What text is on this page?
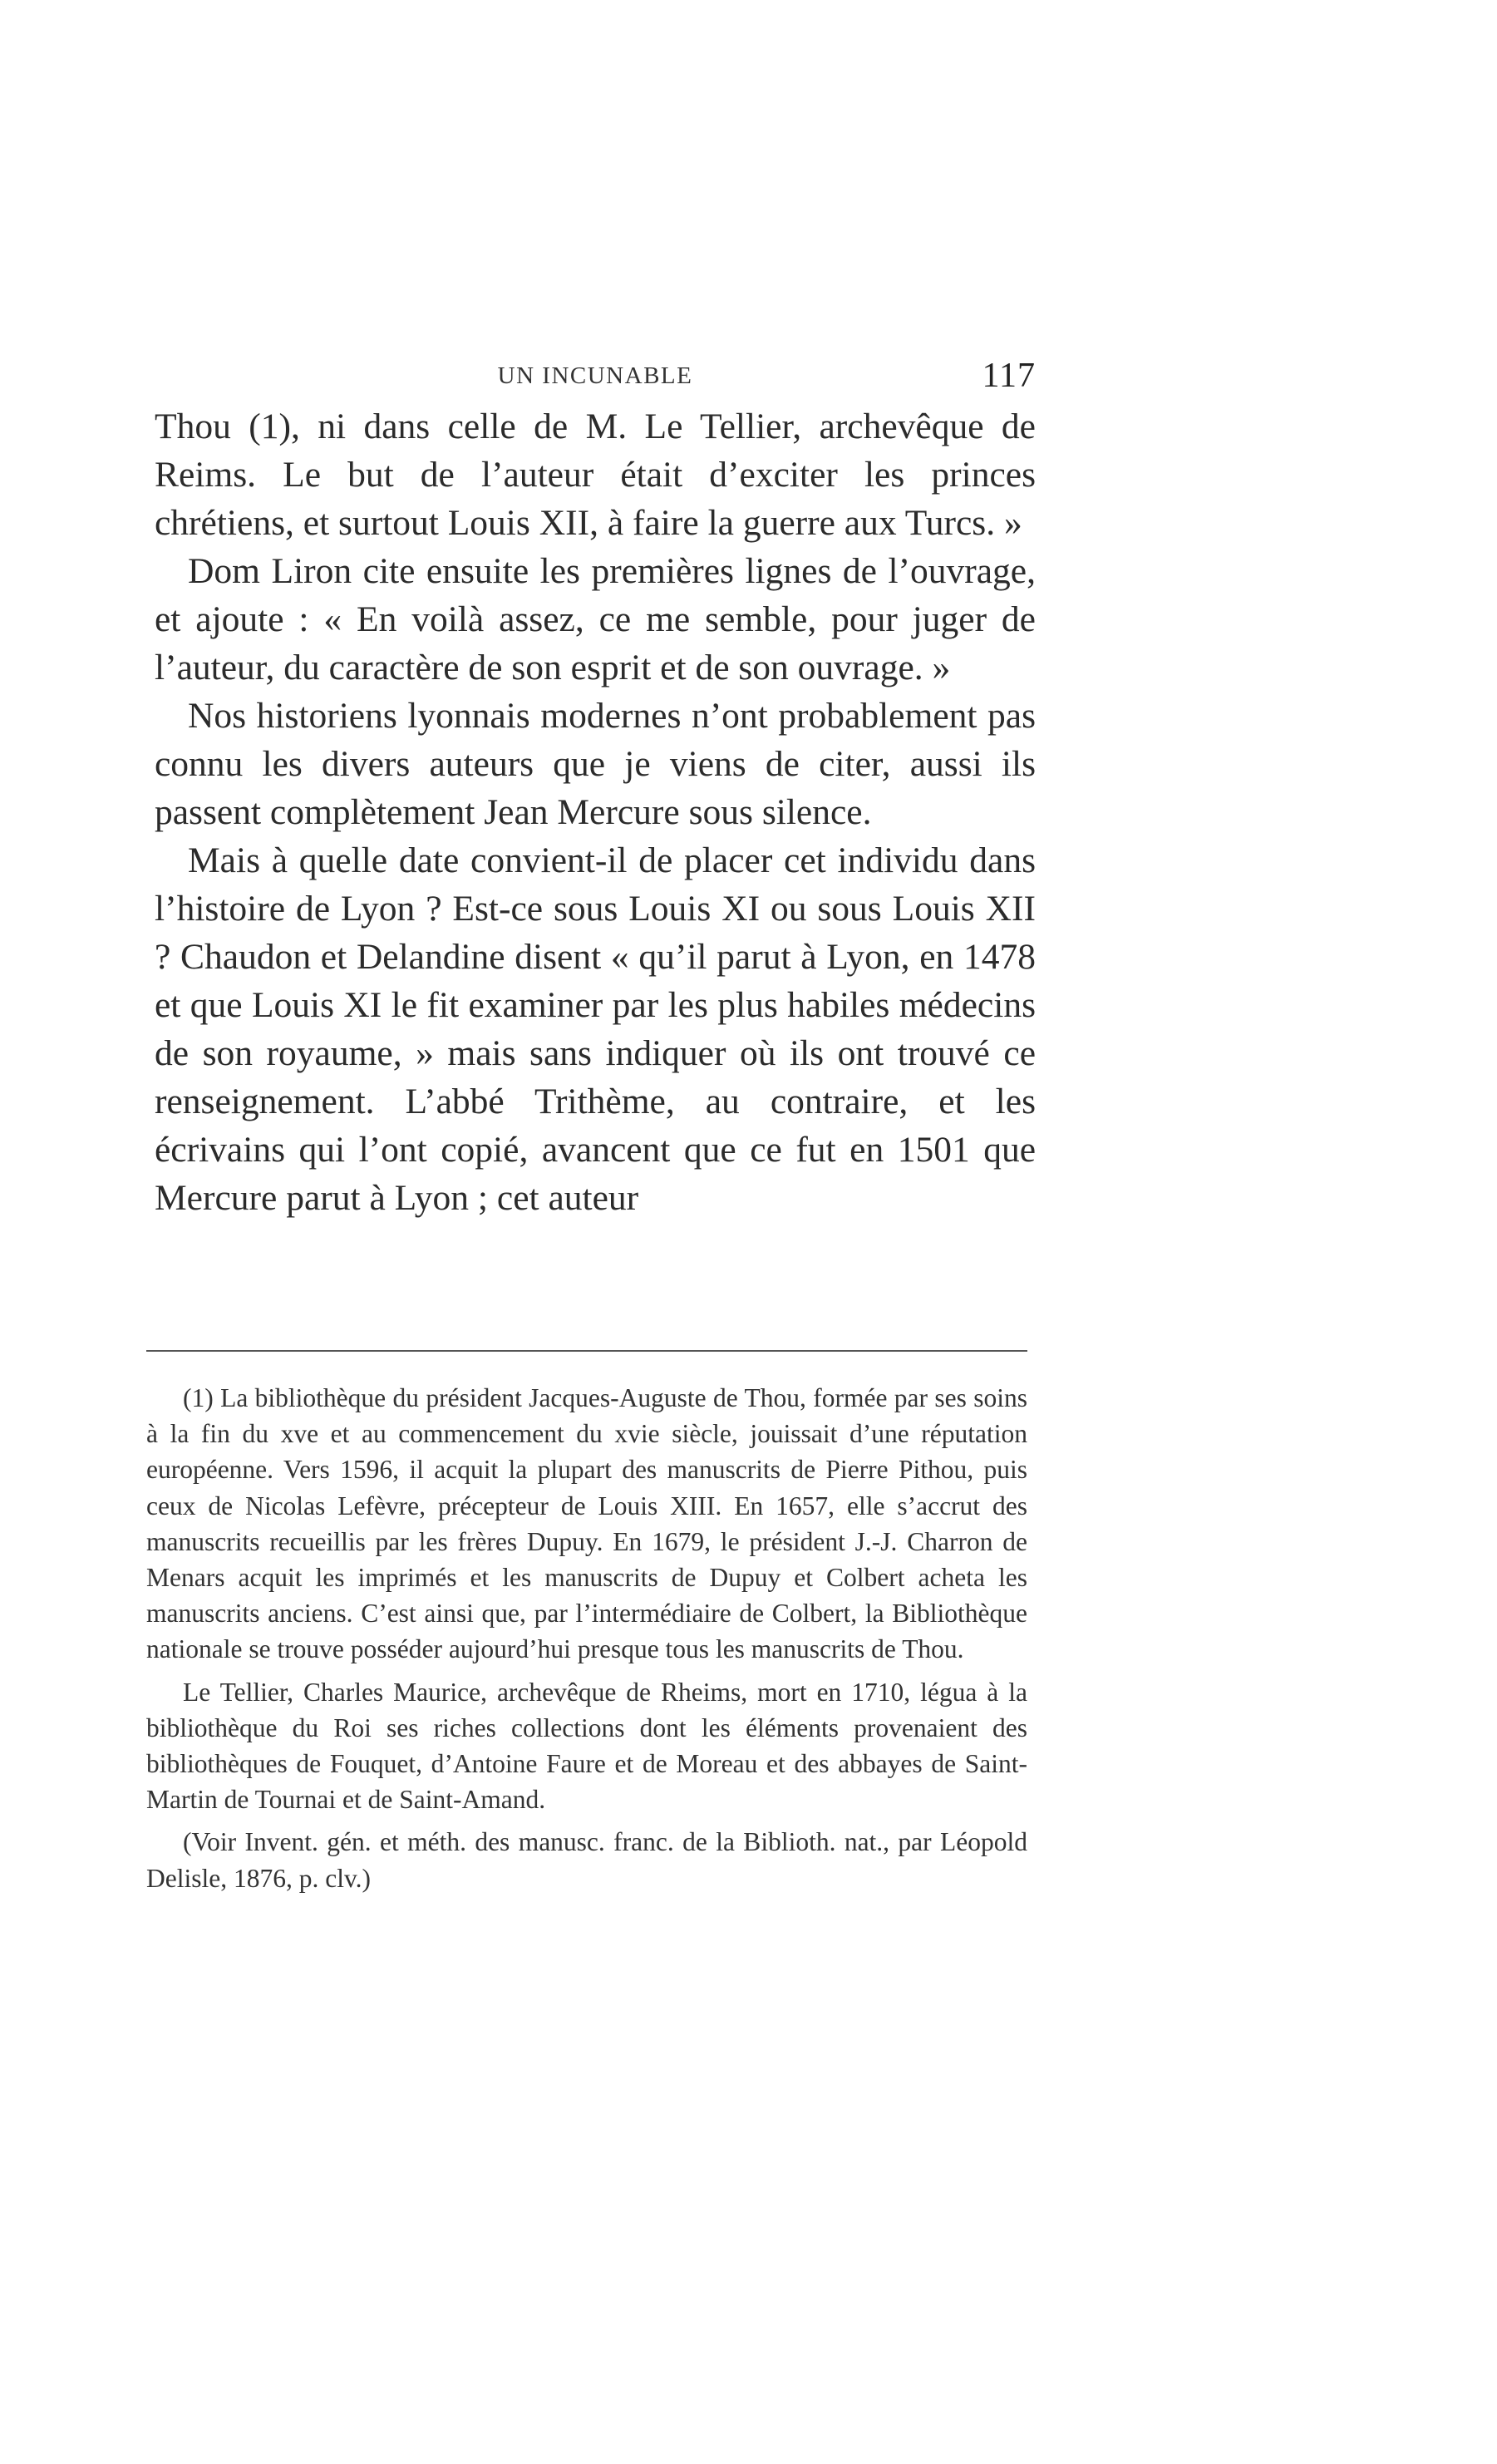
UN INCUNABLE	117

Thou (1), ni dans celle de M. Le Tellier, archevêque de Reims. Le but de l’auteur était d’exciter les princes chrétiens, et surtout Louis XII, à faire la guerre aux Turcs. »

Dom Liron cite ensuite les premières lignes de l’ouvrage, et ajoute : « En voilà assez, ce me semble, pour juger de l’auteur, du caractère de son esprit et de son ouvrage. »

Nos historiens lyonnais modernes n’ont probablement pas connu les divers auteurs que je viens de citer, aussi ils passent complètement Jean Mercure sous silence.

Mais à quelle date convient-il de placer cet individu dans l’histoire de Lyon ? Est-ce sous Louis XI ou sous Louis XII ? Chaudon et Delandine disent « qu’il parut à Lyon, en 1478 et que Louis XI le fit examiner par les plus habiles médecins de son royaume, » mais sans indiquer où ils ont trouvé ce renseignement. L’abbé Trithème, au contraire, et les écrivains qui l’ont copié, avancent que ce fut en 1501 que Mercure parut à Lyon ; cet auteur

(1) La bibliothèque du président Jacques-Auguste de Thou, formée par ses soins à la fin du xve et au commencement du xvie siècle, jouissait d’une réputation européenne. Vers 1596, il acquit la plupart des manuscrits de Pierre Pithou, puis ceux de Nicolas Lefèvre, précepteur de Louis XIII. En 1657, elle s’accrut des manuscrits recueillis par les frères Dupuy. En 1679, le président J.-J. Charron de Menars acquit les imprimés et les manuscrits de Dupuy et Colbert acheta les manuscrits anciens. C’est ainsi que, par l’intermédiaire de Colbert, la Bibliothèque nationale se trouve posséder aujourd’hui presque tous les manuscrits de Thou.

Le Tellier, Charles Maurice, archevêque de Rheims, mort en 1710, légua à la bibliothèque du Roi ses riches collections dont les éléments provenaient des bibliothèques de Fouquet, d’Antoine Faure et de Moreau et des abbayes de Saint-Martin de Tournai et de Saint-Amand.

(Voir Invent. gén. et méth. des manusc. franc. de la Biblioth. nat., par Léopold Delisle, 1876, p. clv.)
